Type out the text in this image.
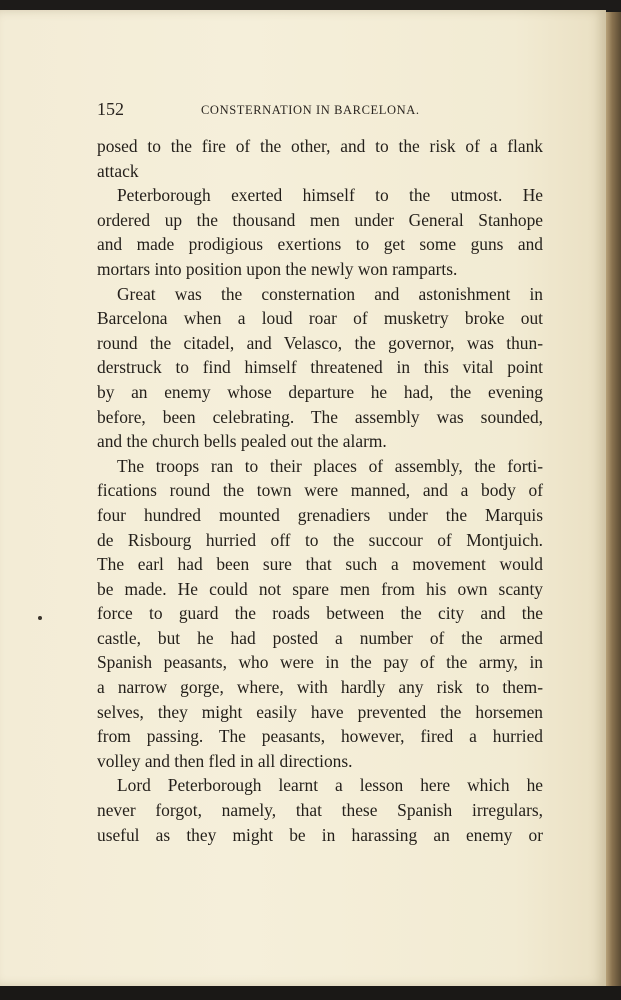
152	CONSTERNATION IN BARCELONA.
posed to the fire of the other, and to the risk of a flank
attack
Peterborough exerted himself to the utmost. He
ordered up the thousand men under General Stanhope
and made prodigious exertions to get some guns and
mortars into position upon the newly won ramparts.
Great was the consternation and astonishment in
Barcelona when a loud roar of musketry broke out
round the citadel, and Velasco, the governor, was thun-
derstruck to find himself threatened in this vital point
by an enemy whose departure he had, the evening
before, been celebrating. The assembly was sounded,
and the church bells pealed out the alarm.
The troops ran to their places of assembly, the forti-
fications round the town were manned, and a body of
four hundred mounted grenadiers under the Marquis
de Risbourg hurried off to the succour of Montjuich.
The earl had been sure that such a movement would
be made. He could not spare men from his own scanty
force to guard the roads between the city and the
castle, but he had posted a number of the armed
Spanish peasants, who were in the pay of the army, in
a narrow gorge, where, with hardly any risk to them-
selves, they might easily have prevented the horsemen
from passing. The peasants, however, fired a hurried
volley and then fled in all directions.
Lord Peterborough learnt a lesson here which he
never forgot, namely, that these Spanish irregulars,
useful as they might be in harassing an enemy or
